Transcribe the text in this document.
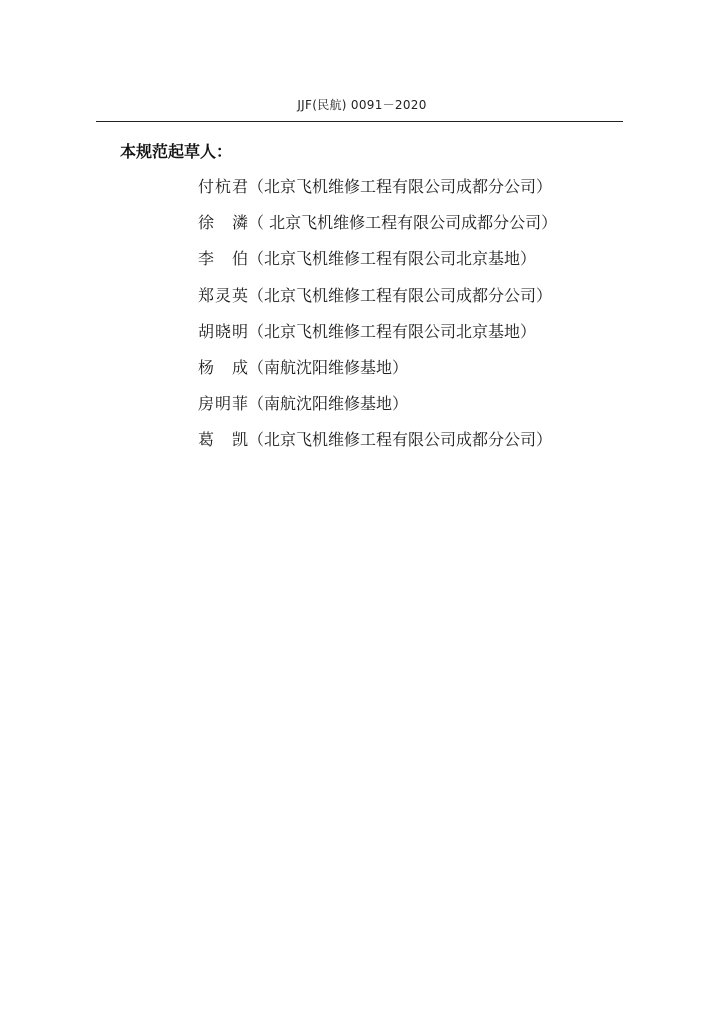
JJF(民航) 0091－2020
本规范起草人：
付杭君（北京飞机维修工程有限公司成都分公司）
徐 潾（ 北京飞机维修工程有限公司成都分公司）
李 伯（北京飞机维修工程有限公司北京基地）
郑灵英（北京飞机维修工程有限公司成都分公司）
胡晓明（北京飞机维修工程有限公司北京基地）
杨 成（南航沈阳维修基地）
房明菲（南航沈阳维修基地）
葛 凯（北京飞机维修工程有限公司成都分公司）
